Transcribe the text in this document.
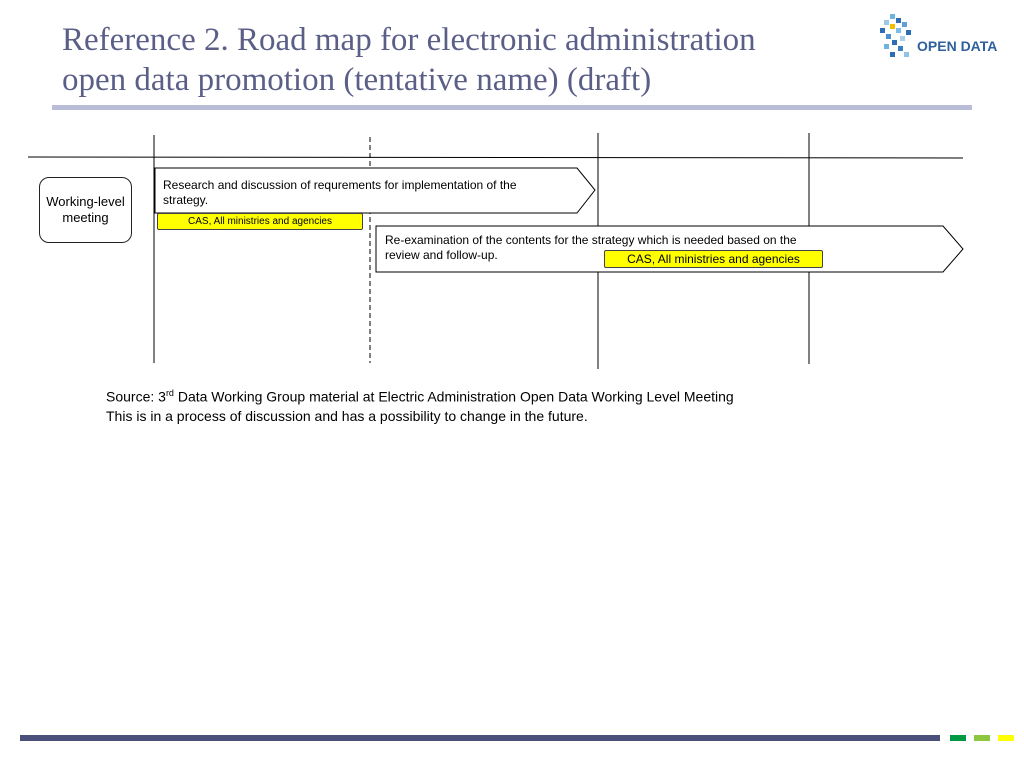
Reference 2. Road map for electronic administration
open data promotion (tentative name) (draft)
OPEN DATA
Working-level
meeting
Research and discussion of requrements for implementation of the
strategy.
CAS, All ministries and agencies
Re-examination of the contents for the strategy which is needed based on the
review and follow-up.	CAS, All ministries and agencies
Source: 3rd Data Working Group material at Electric Administration Open Data Working Level Meeting
This is in a process of discussion and has a possibility to change in the future.
